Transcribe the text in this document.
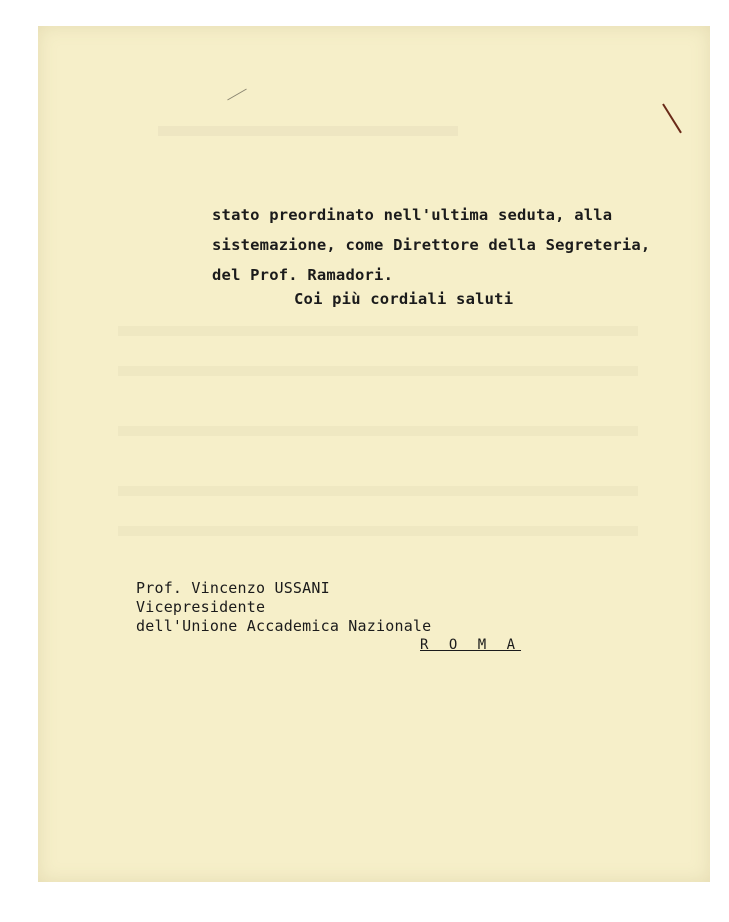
stato preordinato nell'ultima seduta, alla
sistemazione, come Direttore della Segreteria,
del Prof. Ramadori.
Coi più cordiali saluti
Prof. Vincenzo USSANI
Vicepresidente
dell'Unione Accademica Nazionale
R O M A
